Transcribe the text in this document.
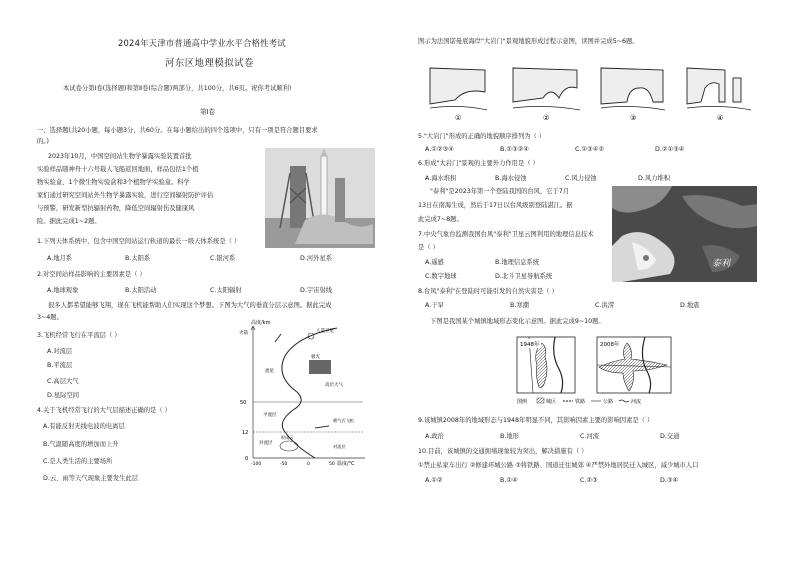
2024年天津市普通高中学业水平合格性考试
河东区地理模拟试卷
本试卷分第Ⅰ卷(选择题)和第Ⅱ卷(综合题)两部分，共100分，共6页。祝你考试顺利!
第Ⅰ卷
一、选择题(共20小题，每小题3分，共60分。在每小题给出的四个选项中，只有一项是符合题目要求
的。)
2023年10月，中国空间站生物学暴露实验装置首批
实验样品随神舟十六号载人飞船返回地面，样品包括1个植
物实验盒、1个微生物实验盒和3个植物学实验盒。科学
家们通过研究空间站外生物学暴露实验，进行空间辐射防护评估
与预警，研发新型抗辐射药物，降低空间辐射伤及健康风
险。据此完成1~2题。
1.下列天体系统中，包含中国空间站运行轨道的最长一级天体系统是（ ）
A.地月系	B.太阳系	C.银河系	D.河外星系
2.对空间站样品影响的主要因素是（ ）
A.地球观象	B.太阳活动	C.太阳辐射	D.宇宙射线
很多人都希望能够飞翔，现在飞机能帮助人们实现这个梦想。下图为大气的垂直分层示意图。据此完成
3~4题。
3.飞机经常飞行在平流层（ ）
A.对流层
B.平流层
C.高层大气
D.星际空间
4.关于飞机经常飞行的大气层描述正确的是（ ）
A.有能反射无线电波的电离层
B.气温随高度的增加而上升
C.是人类生活的主要场所
D.云、雨等天气现象主要发生此层
高度/km
温度/°C
50
12
0
-100	-50	0	50
火箭	人造卫星
流星
极光
高层大气
平流层
对流层
喷气式飞机
积雨云
对流层
图示为法国诺曼底海岸"大岩门"景观地貌形成过程示意图，读图并完成5~6题。
①	②	③	④
5."大岩门"形成的正确的地貌顺序排列为（ ）
A.①②③④	B.①③②④	C.①③④②	D.②①③④
6.形成"大岩门"景观的主要外力作用是（ ）
A.海水堆积	B.海水侵蚀	C.风力侵蚀	D.风力堆积
"泰利"是2023年第一个登陆我国的台风，它于7月
13日在南海生成，然后于17日以台风级别登陆湛江。据
此完成7~8题。
泰利
7.中央气象台监测我国台风"泰利"卫星云图利用的地理信息技术
是（ ）
A.遥感	B.地理信息系统
C.数字地球	D.北斗卫星导航系统
8.台风"泰利"在登陆时可能引发的自然灾害是（ ）
A.干旱	B.寒潮	C.洪涝	D.地震
下图是我国某个城镇地域形态变化示意图。据此完成9~10题。
1948年	2008年
图例	城区	铁路	公路	河流
9.该城镇2008年的地域形态与1948年明显不同，其影响因素主要的影响因素是（ ）
A.政治	B.地形	C.河流	D.交通
10.目前，该城镇的交通拥堵现象较为突出，解决措施有（ ）
①禁止私家车出行 ②修建环城公路 ③将铁路、国道迁往城郊 ④严禁外地居民迁入城区，减少城市人口
A.①②	B.①④	C.②③	D.③④
